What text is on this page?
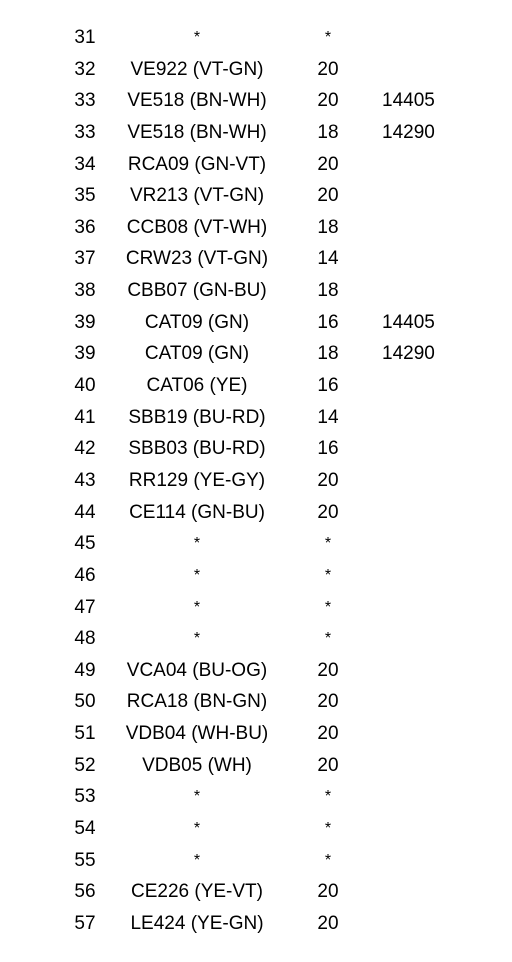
31	*	*
32	VE922 (VT-GN)	20
33	VE518 (BN-WH)	20	14405
33	VE518 (BN-WH)	18	14290
34	RCA09 (GN-VT)	20
35	VR213 (VT-GN)	20
36	CCB08 (VT-WH)	18
37	CRW23 (VT-GN)	14
38	CBB07 (GN-BU)	18
39	CAT09 (GN)	16	14405
39	CAT09 (GN)	18	14290
40	CAT06 (YE)	16
41	SBB19 (BU-RD)	14
42	SBB03 (BU-RD)	16
43	RR129 (YE-GY)	20
44	CE114 (GN-BU)	20
45	*	*
46	*	*
47	*	*
48	*	*
49	VCA04 (BU-OG)	20
50	RCA18 (BN-GN)	20
51	VDB04 (WH-BU)	20
52	VDB05 (WH)	20
53	*	*
54	*	*
55	*	*
56	CE226 (YE-VT)	20
57	LE424 (YE-GN)	20
